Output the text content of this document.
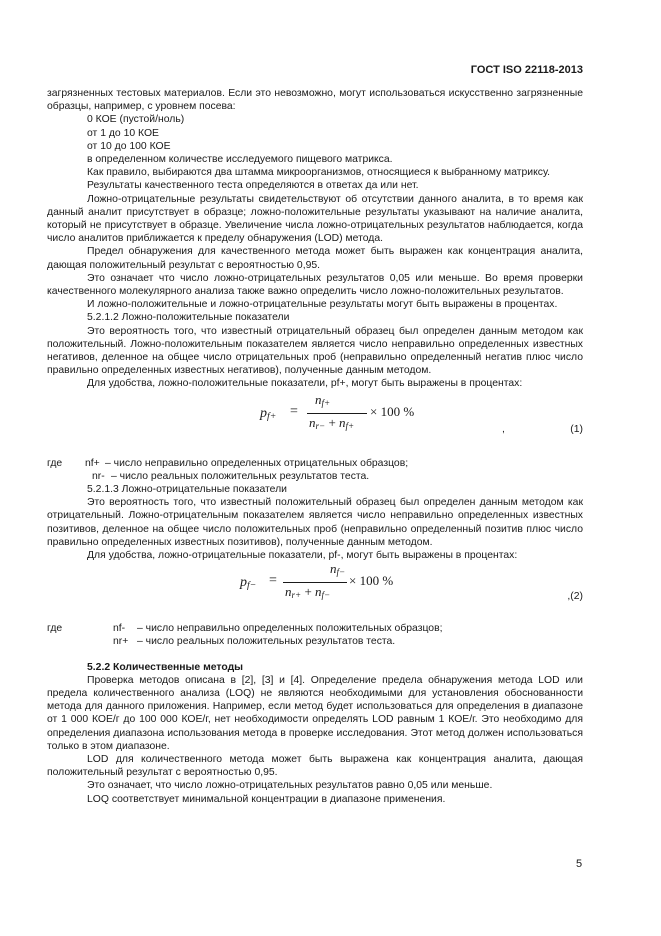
ГОСТ ISO 22118-2013

загрязненных тестовых материалов. Если это невозможно, могут использоваться искусственно загрязненные образцы, например, с уровнем посева:

0 КОЕ (пустой/ноль)

от 1 до 10 КОЕ

от 10 до 100 КОЕ

в определенном количестве исследуемого пищевого матрикса.

Как правило, выбираются два штамма микроорганизмов, относящиеся к выбранному матриксу.

Результаты качественного теста определяются в ответах да или нет.

Ложно-отрицательные результаты свидетельствуют об отсутствии данного аналита, в то время как данный аналит присутствует в образце; ложно-положительные результаты указывают на наличие аналита, который не присутствует в образце. Увеличение числа ложно-отрицательных результатов наблюдается, когда число аналитов приближается к пределу обнаружения (LOD) метода.

Предел обнаружения для качественного метода может быть выражен как концентрация аналита, дающая положительный результат с вероятностью 0,95.

Это означает что число ложно-отрицательных результатов 0,05 или меньше. Во время проверки качественного молекулярного анализа также важно определить число ложно-положительных результатов.

И ложно-положительные и ложно-отрицательные результаты могут быть выражены в процентах.

5.2.1.2 Ложно-положительные показатели

Это вероятность того, что известный отрицательный образец был определен данным методом как положительный. Ложно-положительным показателем является число неправильно определенных известных негативов, деленное на общее число отрицательных проб (неправильно определенный негатив плюс число правильно определенных известных негативов), полученные данным методом.

Для удобства, ложно-положительные показатели, pf+, могут быть выражены в процентах:

$p_{f+}$ =
$n_{f+}$
$n_{r-} + n_{f+}$
× 100 %
,	(1)
где nf+ – число неправильно определенных отрицательных образцов;
nr- – число реальных положительных результатов теста.

5.2.1.3 Ложно-отрицательные показатели

Это вероятность того, что известный положительный образец был определен данным методом как отрицательный. Ложно-отрицательным показателем является число неправильно определенных известных позитивов, деленное на общее число положительных проб (неправильно определенный позитив плюс число правильно определенных известных позитивов), полученные данным методом.

Для удобства, ложно-отрицательные показатели, pf-, могут быть выражены в процентах:

$p_{f-}$ =
$n_{f-}$
$n_{r+} + n_{f-}$
× 100 %
,(2)
где	nf- – число неправильно определенных положительных образцов;
nr+ – число реальных положительных результатов теста.

5.2.2 Количественные методы

Проверка методов описана в [2], [3] и [4]. Определение предела обнаружения метода LOD или предела количественного анализа (LOQ) не являются необходимыми для установления обоснованности метода для данного приложения. Например, если метод будет использоваться для определения в диапазоне от 1 000 КОЕ/г до 100 000 КОЕ/г, нет необходимости определять LOD равным 1 КОЕ/г. Это необходимо для определения диапазона использования метода в проверке исследования. Этот метод должен использоваться только в этом диапазоне.

LOD для количественного метода может быть выражена как концентрация аналита, дающая положительный результат с вероятностью 0,95.

Это означает, что число ложно-отрицательных результатов равно 0,05 или меньше.

LOQ соответствует минимальной концентрации в диапазоне применения.

5
